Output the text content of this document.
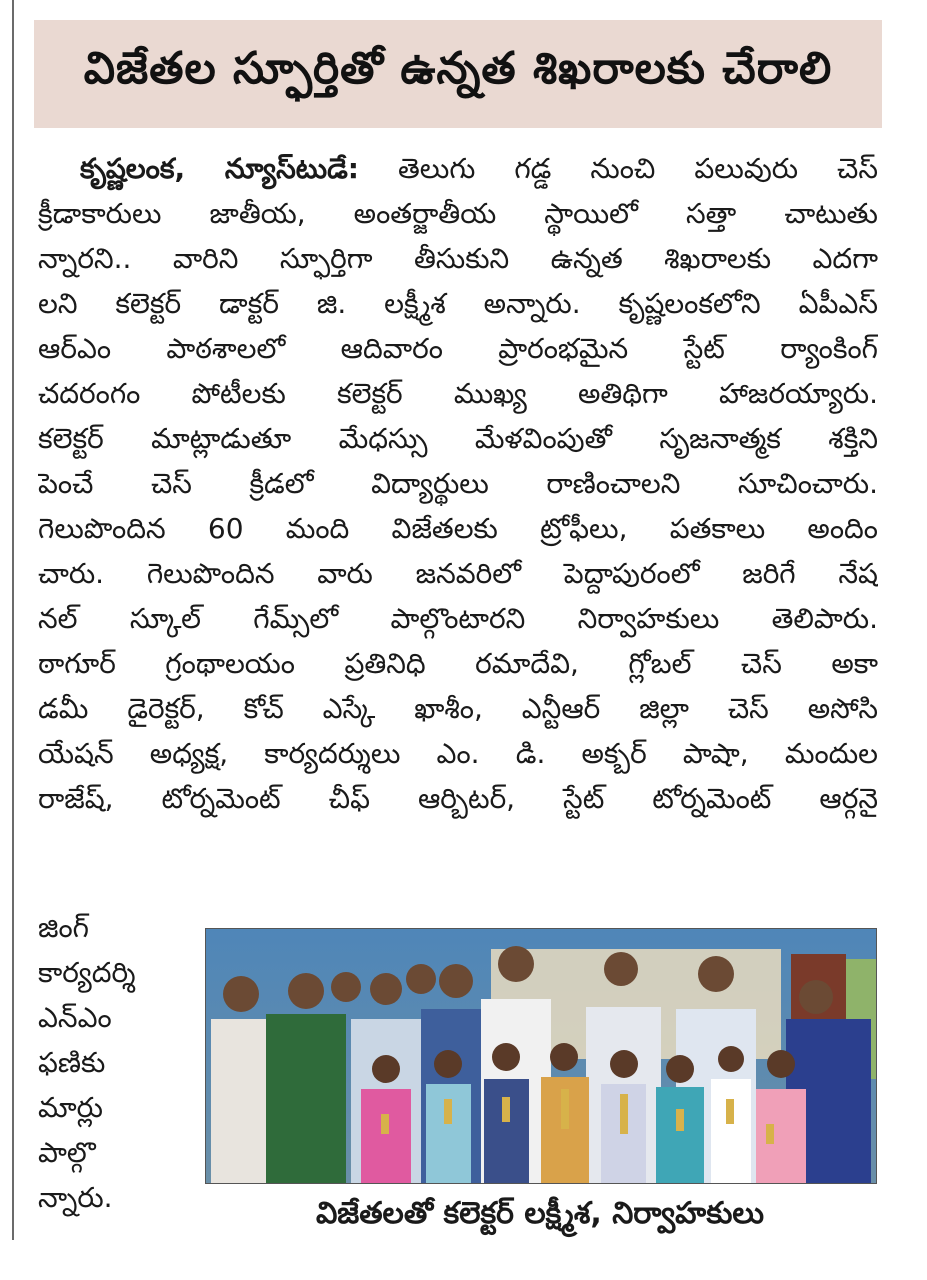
విజేతల స్ఫూర్తితో ఉన్నత శిఖరాలకు చేరాలి
కృష్ణలంక, న్యూస్‌టుడే: తెలుగు గడ్డ నుంచి పలువురు చెస్
క్రీడాకారులు జాతీయ, అంతర్జాతీయ స్థాయిలో సత్తా చాటుతు
న్నారని.. వారిని స్ఫూర్తిగా తీసుకుని ఉన్నత శిఖరాలకు ఎదగా
లని కలెక్టర్ డాక్టర్ జి. లక్ష్మీశ అన్నారు. కృష్ణలంకలోని ఏపీఎస్
ఆర్ఎం పాఠశాలలో ఆదివారం ప్రారంభమైన స్టేట్ ర్యాంకింగ్
చదరంగం పోటీలకు కలెక్టర్ ముఖ్య అతిథిగా హాజరయ్యారు.
కలెక్టర్ మాట్లాడుతూ మేధస్సు మేళవింపుతో సృజనాత్మక శక్తిని
పెంచే చెస్ క్రీడలో విద్యార్థులు రాణించాలని సూచించారు.
గెలుపొందిన 60 మంది విజేతలకు ట్రోఫీలు, పతకాలు అందిం
చారు. గెలుపొందిన వారు జనవరిలో పెద్దాపురంలో జరిగే నేష
నల్ స్కూల్ గేమ్స్‌లో పాల్గొంటారని నిర్వాహకులు తెలిపారు.
ఠాగూర్ గ్రంథాలయం ప్రతినిధి రమాదేవి, గ్లోబల్ చెస్ అకా
డమీ డైరెక్టర్, కోచ్ ఎస్కే ఖాశీం, ఎన్టీఆర్ జిల్లా చెస్ అసోసి
యేషన్ అధ్యక్ష, కార్యదర్శులు ఎం. డి. అక్బర్ పాషా, మందుల
రాజేష్, టోర్నమెంట్ చీఫ్ ఆర్బిటర్, స్టేట్ టోర్నమెంట్ ఆర్గనై
జింగ్
కార్యదర్శి
ఎన్ఎం
ఫణికు
మార్లు
పాల్గొ
న్నారు.	విజేతలతో కలెక్టర్ లక్ష్మీశ, నిర్వాహకులు
